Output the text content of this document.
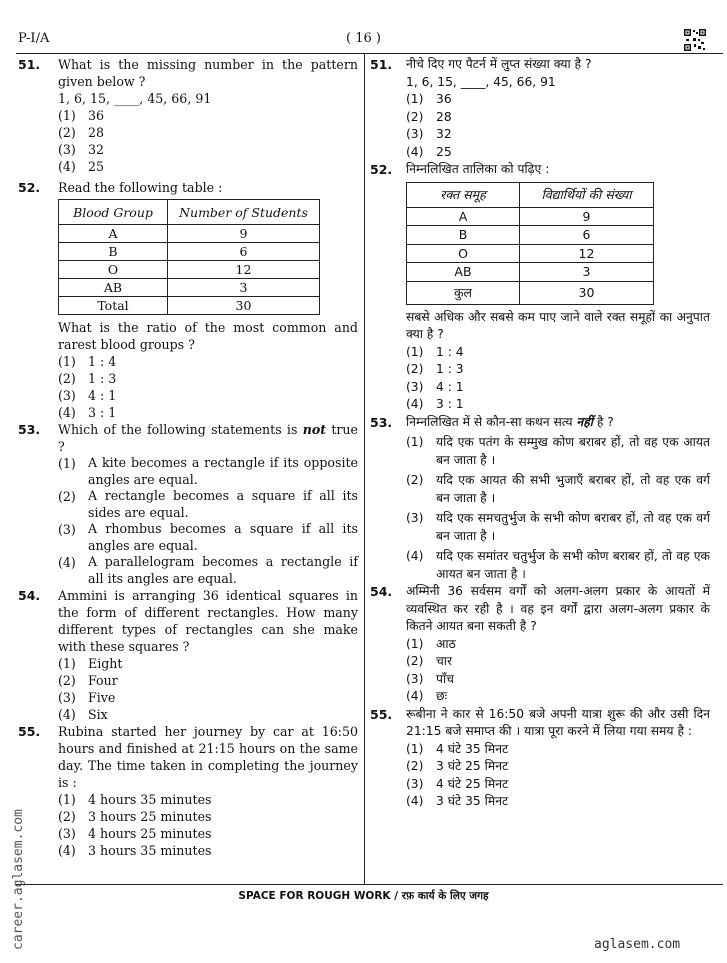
P-I/A	( 16 )
51.	What is the missing number in the pattern given below ?
1, 6, 15, ____, 45, 66, 91
(1) 36
(2) 28
(3) 32
(4) 25
52.	Read the following table :
Blood Group	Number of Students
A	9
B	6
O	12
AB	3
Total	30
What is the ratio of the most common and rarest blood groups ?
(1) 1 : 4
(2) 1 : 3
(3) 4 : 1
(4) 3 : 1
53.	Which of the following statements is not true ?
(1) A kite becomes a rectangle if its opposite angles are equal.
(2) A rectangle becomes a square if all its sides are equal.
(3) A rhombus becomes a square if all its angles are equal.
(4) A parallelogram becomes a rectangle if all its angles are equal.
54.	Ammini is arranging 36 identical squares in the form of different rectangles. How many different types of rectangles can she make with these squares ?
(1) Eight
(2) Four
(3) Five
(4) Six
55.	Rubina started her journey by car at 16:50 hours and finished at 21:15 hours on the same day. The time taken in completing the journey is :
(1) 4 hours 35 minutes
(2) 3 hours 25 minutes
(3) 4 hours 25 minutes
(4) 3 hours 35 minutes
51.	नीचे दिए गए पैटर्न में लुप्त संख्या क्या है ?
1, 6, 15, ____, 45, 66, 91
(1)	36
(2)	28
(3)	32
(4)	25
52.	निम्नलिखित तालिका को पढ़िए :
रक्त समूह	विद्यार्थियों की संख्या
A	9
B	6
O	12
AB	3
कुल	30
सबसे अधिक और सबसे कम पाए जाने वाले रक्त समूहों का अनुपात क्या है ?
(1)	1 : 4
(2)	1 : 3
(3)	4 : 1
(4)	3 : 1
53.	निम्नलिखित में से कौन-सा कथन सत्य नहीं है ?
(1)	यदि एक पतंग के सम्मुख कोण बराबर हों, तो वह एक आयत बन जाता है ।
(2)	यदि एक आयत की सभी भुजाएँ बराबर हों, तो वह एक वर्ग बन जाता है ।
(3)	यदि एक समचतुर्भुज के सभी कोण बराबर हों, तो वह एक वर्ग बन जाता है ।
(4)	यदि एक समांतर चतुर्भुज के सभी कोण बराबर हों, तो वह एक आयत बन जाता है ।
54.	अम्मिनी 36 सर्वसम वर्गों को अलग-अलग प्रकार के आयतों में व्यवस्थित कर रही है । वह इन वर्गों द्वारा अलग-अलग प्रकार के कितने आयत बना सकती है ?
(1)	आठ
(2)	चार
(3)	पाँच
(4)	छः
55.	रूबीना ने कार से 16:50 बजे अपनी यात्रा शुरू की और उसी दिन 21:15 बजे समाप्त की । यात्रा पूरा करने में लिया गया समय है :
(1)	4 घंटे 35 मिनट
(2)	3 घंटे 25 मिनट
(3)	4 घंटे 25 मिनट
(4)	3 घंटे 35 मिनट
SPACE FOR ROUGH WORK / रफ़ कार्य के लिए जगह
aglasem.com
career.aglasem.com
